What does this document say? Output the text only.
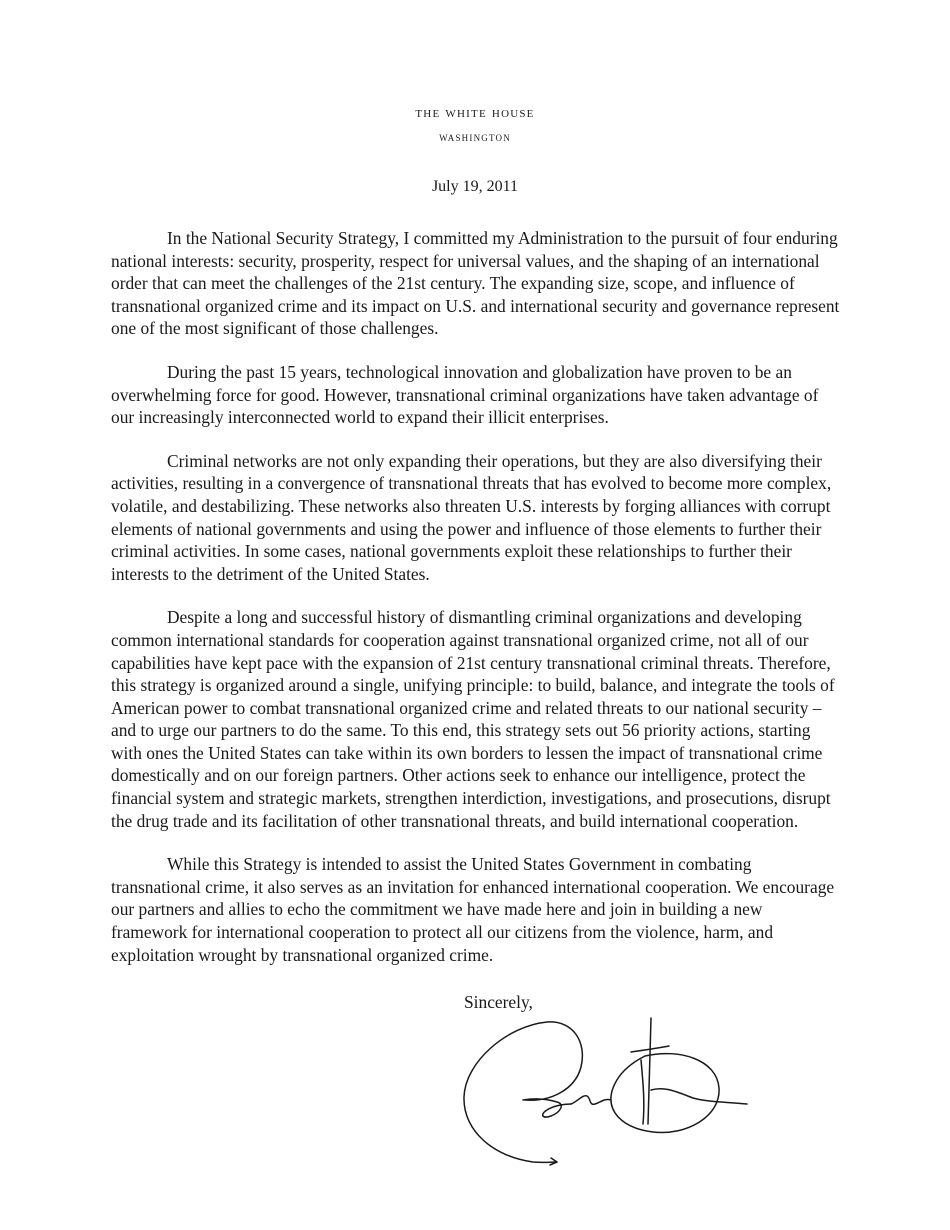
the white house
washington
July 19, 2011

In the National Security Strategy, I committed my Administration to the pursuit of four enduring national interests: security, prosperity, respect for universal values, and the shaping of an international order that can meet the challenges of the 21st century. The expanding size, scope, and influence of transnational organized crime and its impact on U.S. and international security and governance represent one of the most significant of those challenges.

During the past 15 years, technological innovation and globalization have proven to be an overwhelming force for good. However, transnational criminal organizations have taken advantage of our increasingly interconnected world to expand their illicit enterprises.

Criminal networks are not only expanding their operations, but they are also diversifying their activities, resulting in a convergence of transnational threats that has evolved to become more complex, volatile, and destabilizing. These networks also threaten U.S. interests by forging alliances with corrupt elements of national governments and using the power and influence of those elements to further their criminal activities. In some cases, national governments exploit these relationships to further their interests to the detriment of the United States.

Despite a long and successful history of dismantling criminal organizations and developing common international standards for cooperation against transnational organized crime, not all of our capabilities have kept pace with the expansion of 21st century transnational criminal threats. Therefore, this strategy is organized around a single, unifying principle: to build, balance, and integrate the tools of American power to combat transnational organized crime and related threats to our national security – and to urge our partners to do the same. To this end, this strategy sets out 56 priority actions, starting with ones the United States can take within its own borders to lessen the impact of transnational crime domestically and on our foreign partners. Other actions seek to enhance our intelligence, protect the financial system and strategic markets, strengthen interdiction, investigations, and prosecutions, disrupt the drug trade and its facilitation of other transnational threats, and build international cooperation.

While this Strategy is intended to assist the United States Government in combating transnational crime, it also serves as an invitation for enhanced international cooperation. We encourage our partners and allies to echo the commitment we have made here and join in building a new framework for international cooperation to protect all our citizens from the violence, harm, and exploitation wrought by transnational organized crime.

Sincerely,
